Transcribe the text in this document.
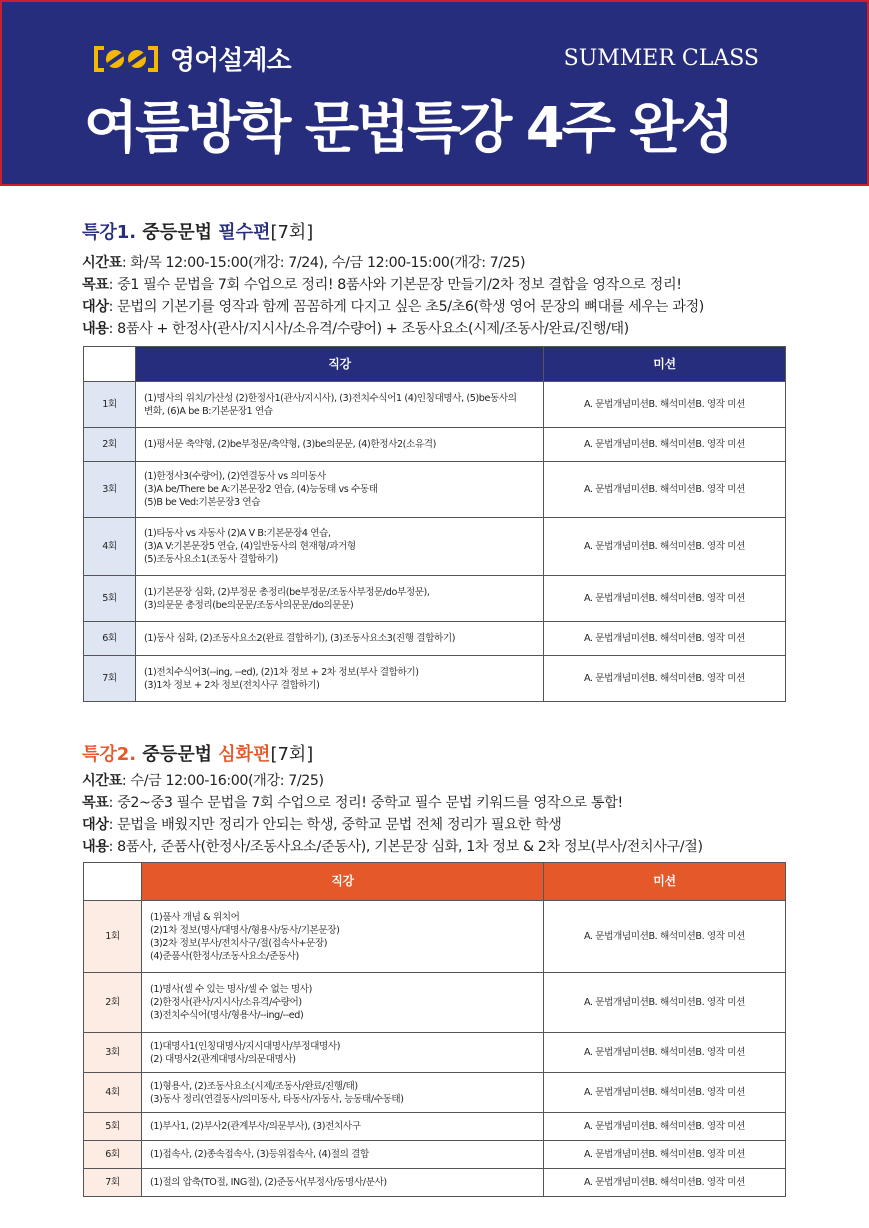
영어설계소	SUMMER CLASS
여름방학 문법특강 4주 완성
특강1. 중등문법 필수편[7회]
시간표: 화/목 12:00-15:00(개강: 7/24), 수/금 12:00-15:00(개강: 7/25)
목표: 중1 필수 문법을 7회 수업으로 정리! 8품사와 기본문장 만들기/2차 정보 결합을 영작으로 정리!
대상: 문법의 기본기를 영작과 함께 꼼꼼하게 다지고 싶은 초5/초6(학생 영어 문장의 뼈대를 세우는 과정)
내용: 8품사 + 한정사(관사/지시사/소유격/수량어) + 조동사요소(시제/조동사/완료/진행/태)
	직강	미션
1회	(1)명사의 위치/가산성 (2)한정사1(관사/지시사), (3)전치수식어1 (4)인칭대명사, (5)be동사의
변화, (6)A be B:기본문장1 연습	A. 문법개념미션B. 해석미션B. 영작 미션
2회	(1)평서문 축약형, (2)be부정문/축약형, (3)be의문문, (4)한정사2(소유격)	A. 문법개념미션B. 해석미션B. 영작 미션
3회	(1)한정사3(수량어), (2)연결동사 vs 의미동사
(3)A be/There be A:기본문장2 연습, (4)능동태 vs 수동태
(5)B be Ved:기본문장3 연습	A. 문법개념미션B. 해석미션B. 영작 미션
4회	(1)타동사 vs 자동사 (2)A V B:기본문장4 연습,
(3)A V:기본문장5 연습, (4)일반동사의 현재형/과거형
(5)조동사요소1(조동사 결합하기)	A. 문법개념미션B. 해석미션B. 영작 미션
5회	(1)기본문장 심화, (2)부정문 총정리(be부정문/조동사부정문/do부정문),
(3)의문문 총정리(be의문문/조동사의문문/do의문문)	A. 문법개념미션B. 해석미션B. 영작 미션
6회	(1)동사 심화, (2)조동사요소2(완료 결합하기), (3)조동사요소3(진행 결합하기)	A. 문법개념미션B. 해석미션B. 영작 미션
7회	(1)전치수식어3(--ing, --ed), (2)1차 정보 + 2차 정보(부사 결합하기)
(3)1차 정보 + 2차 정보(전치사구 결합하기)	A. 문법개념미션B. 해석미션B. 영작 미션
특강2. 중등문법 심화편[7회]
시간표: 수/금 12:00-16:00(개강: 7/25)
목표: 중2~중3 필수 문법을 7회 수업으로 정리! 중학교 필수 문법 키워드를 영작으로 통합!
대상: 문법을 배웠지만 정리가 안되는 학생, 중학교 문법 전체 정리가 필요한 학생
내용: 8품사, 준품사(한정사/조동사요소/준동사), 기본문장 심화, 1차 정보 & 2차 정보(부사/전치사구/절)
	직강	미션
1회	(1)품사 개념 & 위치어
(2)1차 정보(명사/대명사/형용사/동사/기본문장)
(3)2차 정보(부사/전치사구/절(접속사+문장)
(4)준품사(한정사/조동사요소/준동사)	A. 문법개념미션B. 해석미션B. 영작 미션
2회	(1)명사(셀 수 있는 명사/셀 수 없는 명사)
(2)한정사(관사/지시사/소유격/수량어)
(3)전치수식어(명사/형용사/--ing/--ed)	A. 문법개념미션B. 해석미션B. 영작 미션
3회	(1)대명사1(인칭대명사/지시대명사/부정대명사)
(2) 대명사2(관계대명사/의문대명사)	A. 문법개념미션B. 해석미션B. 영작 미션
4회	(1)형용사, (2)조동사요소(시제/조동사/완료/진행/태)
(3)동사 정리(연결동사/의미동사, 타동사/자동사, 능동태/수동태)	A. 문법개념미션B. 해석미션B. 영작 미션
5회	(1)부사1, (2)부사2(관계부사/의문부사), (3)전치사구	A. 문법개념미션B. 해석미션B. 영작 미션
6회	(1)접속사, (2)종속접속사, (3)등위접속사, (4)절의 결합	A. 문법개념미션B. 해석미션B. 영작 미션
7회	(1)절의 압축(TO절, ING절), (2)준동사(부정사/동명사/분사)	A. 문법개념미션B. 해석미션B. 영작 미션
